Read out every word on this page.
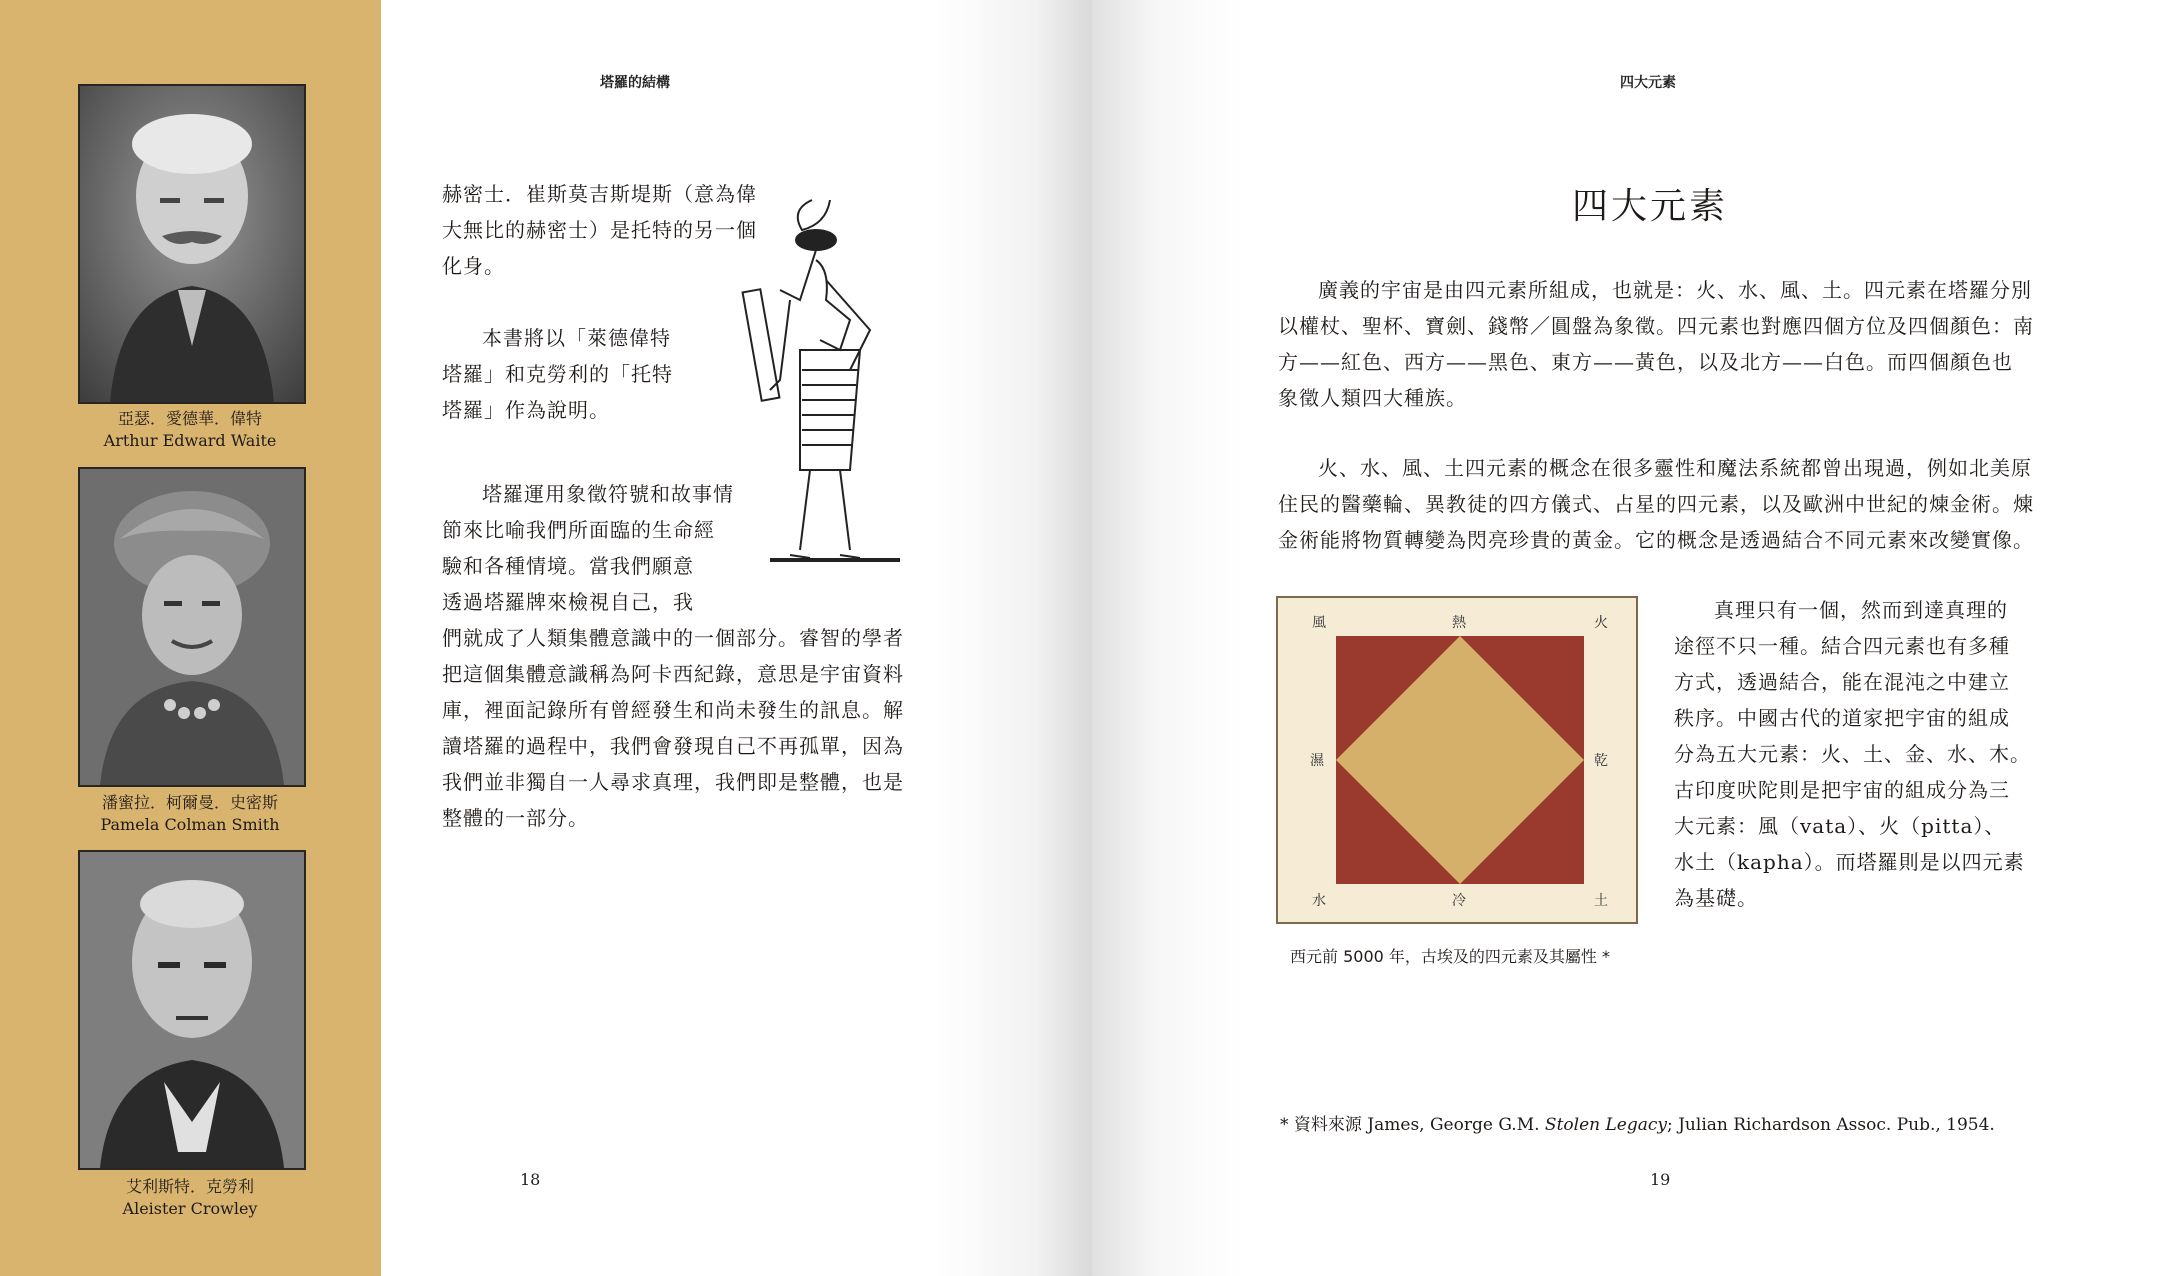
亞瑟．愛德華．偉特
Arthur Edward Waite
潘蜜拉．柯爾曼．史密斯
Pamela Colman Smith
艾利斯特．克勞利
Aleister Crowley
塔羅的結構

赫密士．崔斯莫吉斯堤斯（意為偉

大無比的赫密士）是托特的另一個

化身。

本書將以「萊德偉特

塔羅」和克勞利的「托特

塔羅」作為說明。

塔羅運用象徵符號和故事情

節來比喻我們所面臨的生命經

驗和各種情境。當我們願意

透過塔羅牌來檢視自己，我

們就成了人類集體意識中的一個部分。睿智的學者

把這個集體意識稱為阿卡西紀錄，意思是宇宙資料

庫，裡面記錄所有曾經發生和尚未發生的訊息。解

讀塔羅的過程中，我們會發現自己不再孤單，因為

我們並非獨自一人尋求真理，我們即是整體，也是

整體的一部分。

18
四大元素
四大元素

廣義的宇宙是由四元素所組成，也就是：火、水、風、土。四元素在塔羅分別

以權杖、聖杯、寶劍、錢幣／圓盤為象徵。四元素也對應四個方位及四個顏色：南

方——紅色、西方——黑色、東方——黃色，以及北方——白色。而四個顏色也

象徵人類四大種族。

火、水、風、土四元素的概念在很多靈性和魔法系統都曾出現過，例如北美原

住民的醫藥輪、異教徒的四方儀式、占星的四元素，以及歐洲中世紀的煉金術。煉

金術能將物質轉變為閃亮珍貴的黃金。它的概念是透過結合不同元素來改變實像。

風	熱	火
濕	乾
水	冷	土
西元前 5000 年，古埃及的四元素及其屬性 *

真理只有一個，然而到達真理的

途徑不只一種。結合四元素也有多種

方式，透過結合，能在混沌之中建立

秩序。中國古代的道家把宇宙的組成

分為五大元素：火、土、金、水、木。

古印度吠陀則是把宇宙的組成分為三

大元素：風（vata）、火（pitta）、

水土（kapha）。而塔羅則是以四元素

為基礎。

* 資料來源 James, George G.M. Stolen Legacy; Julian Richardson Assoc. Pub., 1954.
19
